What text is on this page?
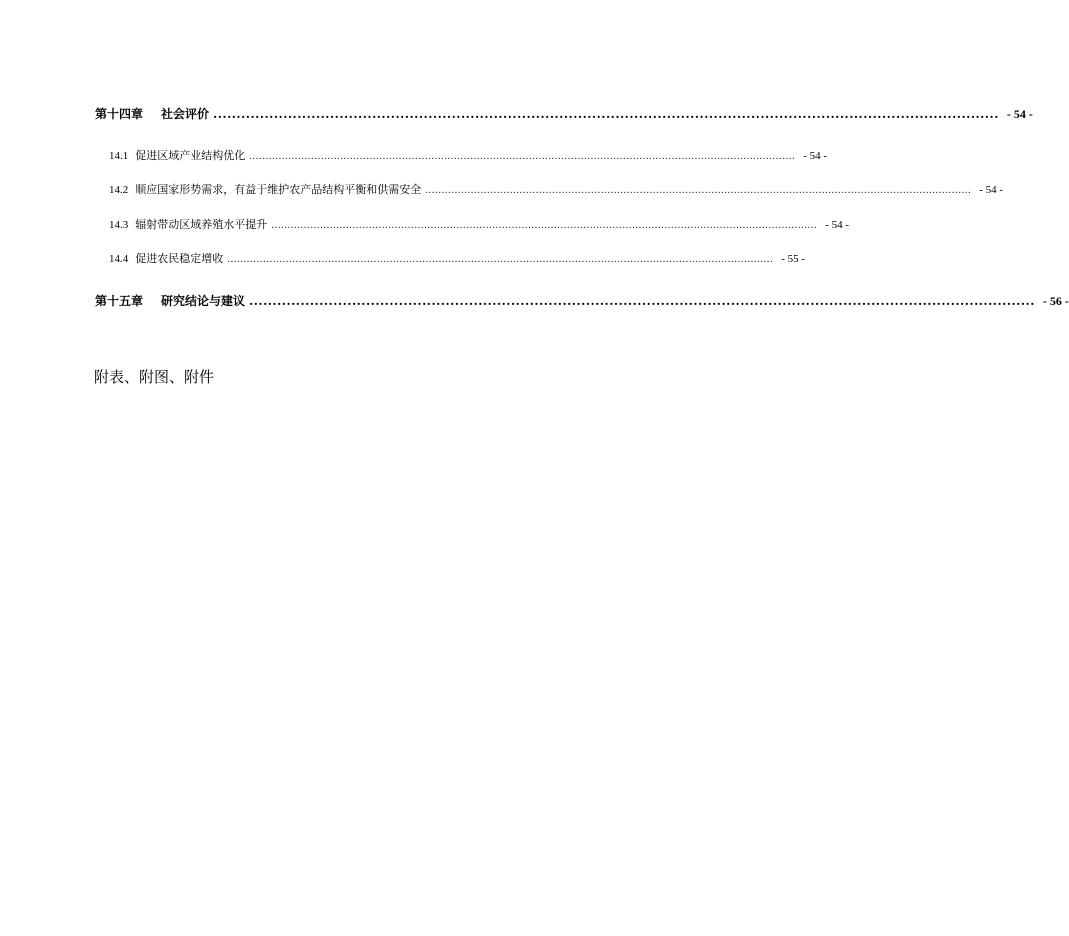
第十四章 社会评价 ........................................................................................................................................................................ - 54 -
14.1 促进区域产业结构优化 ........................................................................................................................................................................ - 54 -
14.2 顺应国家形势需求，有益于维护农产品结构平衡和供需安全 ........................................................................................................................................................................ - 54 -
14.3 辐射带动区域养殖水平提升 ........................................................................................................................................................................ - 54 -
14.4 促进农民稳定增收 ........................................................................................................................................................................ - 55 -
第十五章 研究结论与建议 ........................................................................................................................................................................ - 56 -
附表、附图、附件
